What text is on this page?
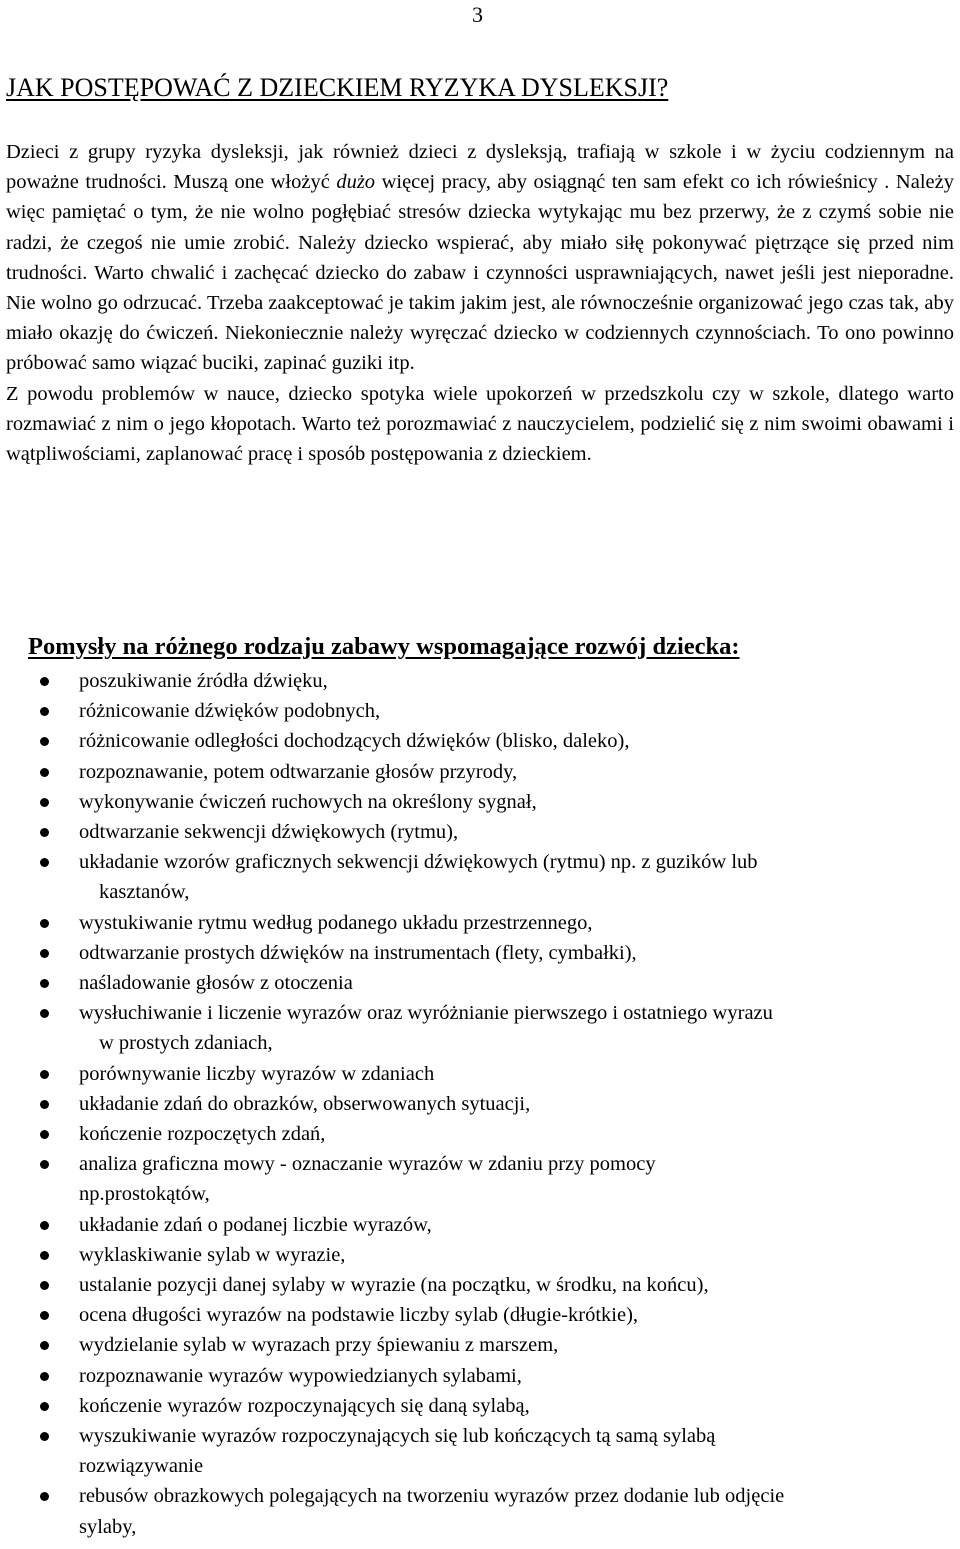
3
JAK POSTĘPOWAĆ Z DZIECKIEM RYZYKA DYSLEKSJI?

Dzieci z grupy ryzyka dysleksji, jak również dzieci z dysleksją, trafiają w szkole i w życiu codziennym na poważne trudności. Muszą one włożyć dużo więcej pracy, aby osiągnąć ten sam efekt co ich rówieśnicy . Należy więc pamiętać o tym, że nie wolno pogłębiać stresów dziecka wytykając mu bez przerwy, że z czymś sobie nie radzi, że czegoś nie umie zrobić. Należy dziecko wspierać, aby miało siłę pokonywać piętrzące się przed nim trudności. Warto chwalić i zachęcać dziecko do zabaw i czynności usprawniających, nawet jeśli jest nieporadne. Nie wolno go odrzucać. Trzeba zaakceptować je takim jakim jest, ale równocześnie organizować jego czas tak, aby miało okazję do ćwiczeń. Niekoniecznie należy wyręczać dziecko w codziennych czynnościach. To ono powinno próbować samo wiązać buciki, zapinać guziki itp.

Z powodu problemów w nauce, dziecko spotyka wiele upokorzeń w przedszkolu czy w szkole, dlatego warto rozmawiać z nim o jego kłopotach. Warto też porozmawiać z nauczycielem, podzielić się z nim swoimi obawami i wątpliwościami, zaplanować pracę i sposób postępowania z dzieckiem.

Pomysły na różnego rodzaju zabawy wspomagające rozwój dziecka:
poszukiwanie źródła dźwięku,
różnicowanie dźwięków podobnych,
różnicowanie odległości dochodzących dźwięków (blisko, daleko),
rozpoznawanie, potem odtwarzanie głosów przyrody,
wykonywanie ćwiczeń ruchowych na określony sygnał,
odtwarzanie sekwencji dźwiękowych (rytmu),
układanie wzorów graficznych sekwencji dźwiękowych (rytmu) np. z guzików lub
kasztanów,
wystukiwanie rytmu według podanego układu przestrzennego,
odtwarzanie prostych dźwięków na instrumentach (flety, cymbałki),
naśladowanie głosów z otoczenia
wysłuchiwanie i liczenie wyrazów oraz wyróżnianie pierwszego i ostatniego wyrazu
w prostych zdaniach,
porównywanie liczby wyrazów w zdaniach
układanie zdań do obrazków, obserwowanych sytuacji,
kończenie rozpoczętych zdań,
analiza graficzna mowy - oznaczanie wyrazów w zdaniu przy pomocy
np.prostokątów,
układanie zdań o podanej liczbie wyrazów,
wyklaskiwanie sylab w wyrazie,
ustalanie pozycji danej sylaby w wyrazie (na początku, w środku, na końcu),
ocena długości wyrazów na podstawie liczby sylab (długie-krótkie),
wydzielanie sylab w wyrazach przy śpiewaniu z marszem,
rozpoznawanie wyrazów wypowiedzianych sylabami,
kończenie wyrazów rozpoczynających się daną sylabą,
wyszukiwanie wyrazów rozpoczynających się lub kończących tą samą sylabą
rozwiązywanie
rebusów obrazkowych polegających na tworzeniu wyrazów przez dodanie lub odjęcie
sylaby,
